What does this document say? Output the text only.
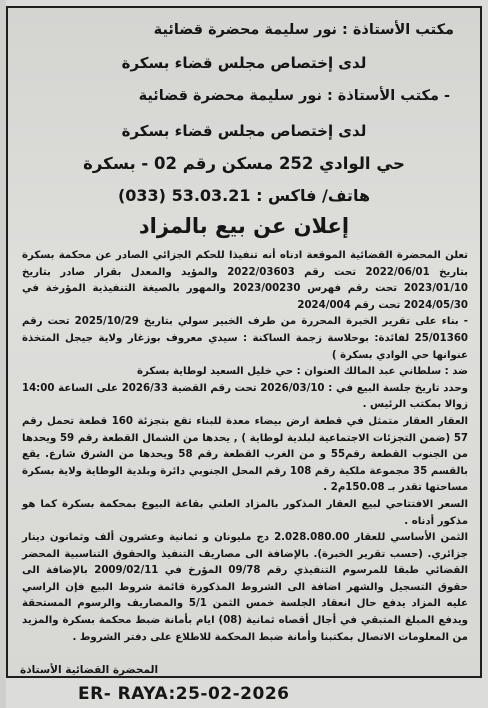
مكتب الأستاذة : نور سليمة محضرة قضائية
لدى إختصاص مجلس قضاء بسكرة
- مكتب الأستاذة : نور سليمة محضرة قضائية
لدى إختصاص مجلس قضاء بسكرة
حي الوادي 252 مسكن رقم 02 - بسكرة
هاتف/ فاكس : 53.03.21 (033)
إعلان عن بيع بالمزاد

تعلن المحضرة القضائية الموقعة ادناه أنه تنفيذا للحكم الجزائي الصادر عن محكمة بسكرة بتاريخ 2022/06/01 تحت رقم 2022/03603 والمؤيد والمعدل بقرار صادر بتاريخ 2023/01/10 تحت رقم فهرس 2023/00230 والمهور بالصيغة التنفيذية المؤرخة في 2024/05/30 تحت رقم 2024/004

- بناء على تقرير الخبرة المحررة من طرف الخبير سولي بتاريخ 2025/10/29 تحت رقم 25/01360 لفائدة: بوحلاسة زجمة الساكنة : سيدي معروف بوزغار ولاية جيجل المتخذة عنوانها حي الوادي بسكرة )

ضد : سلطاني عبد المالك العنوان : حي خليل السعيد لوطاية بسكرة

وحدد تاريخ جلسة البيع في : 2026/03/10 تحت رقم القضية 2026/33 على الساعة 14:00 زوالا بمكتب الرئيس .

العقار العقار متمثل في قطعة ارض بيضاء معدة للبناء تقع بتجزئة 160 قطعة تحمل رقم 57 (ضمن التجزئات الاجتماعية لبلدية لوطاية ) , يحدها من الشمال القطعة رقم 59 ويحدها من الجنوب القطعة رقم55 و من الغرب القطعة رقم 58 ويحدها من الشرق شارع. يقع بالقسم 35 مجموعة ملكية رقم 108 رقم المحل الجنوبي دائرة وبلدية الوطاية ولاية بسكرة مساحتها تقدر بـ 150.08م2 .

السعر الافتتاحي لبيع العقار المذكور بالمزاد العلني بقاعة البيوع بمحكمة بسكرة كما هو مذكور أدناه .

الثمن الأساسي للعقار 2.028.080.00 دج مليونان و ثمانية وعشرون ألف وثمانون دينار جزائري. (حسب تقرير الخبرة). بالإضافة الى مصاريف التنفيذ والحقوق التناسبية المحضر القضائي طبقا للمرسوم التنفيذي رقم 09/78 المؤرخ في 2009/02/11 بالإضافة الى حقوق التسجيل والشهر اضافة الى الشروط المذكورة قائمة شروط البيع فإن الراسي عليه المزاد يدفع حال انعقاد الجلسة خمس الثمن 5/1 والمصاريف والرسوم المستحقة ويدفع المبلغ المتبقي في أجال أقصاه ثمانية (08) ايام بأمانة ضبط محكمة بسكرة والمزيد من المعلومات الاتصال بمكتبنا وأمانة ضبط المحكمة للاطلاع على دفتر الشروط .

المحضرة القضائية الأستاذة
ER- RAYA:25-02-2026
